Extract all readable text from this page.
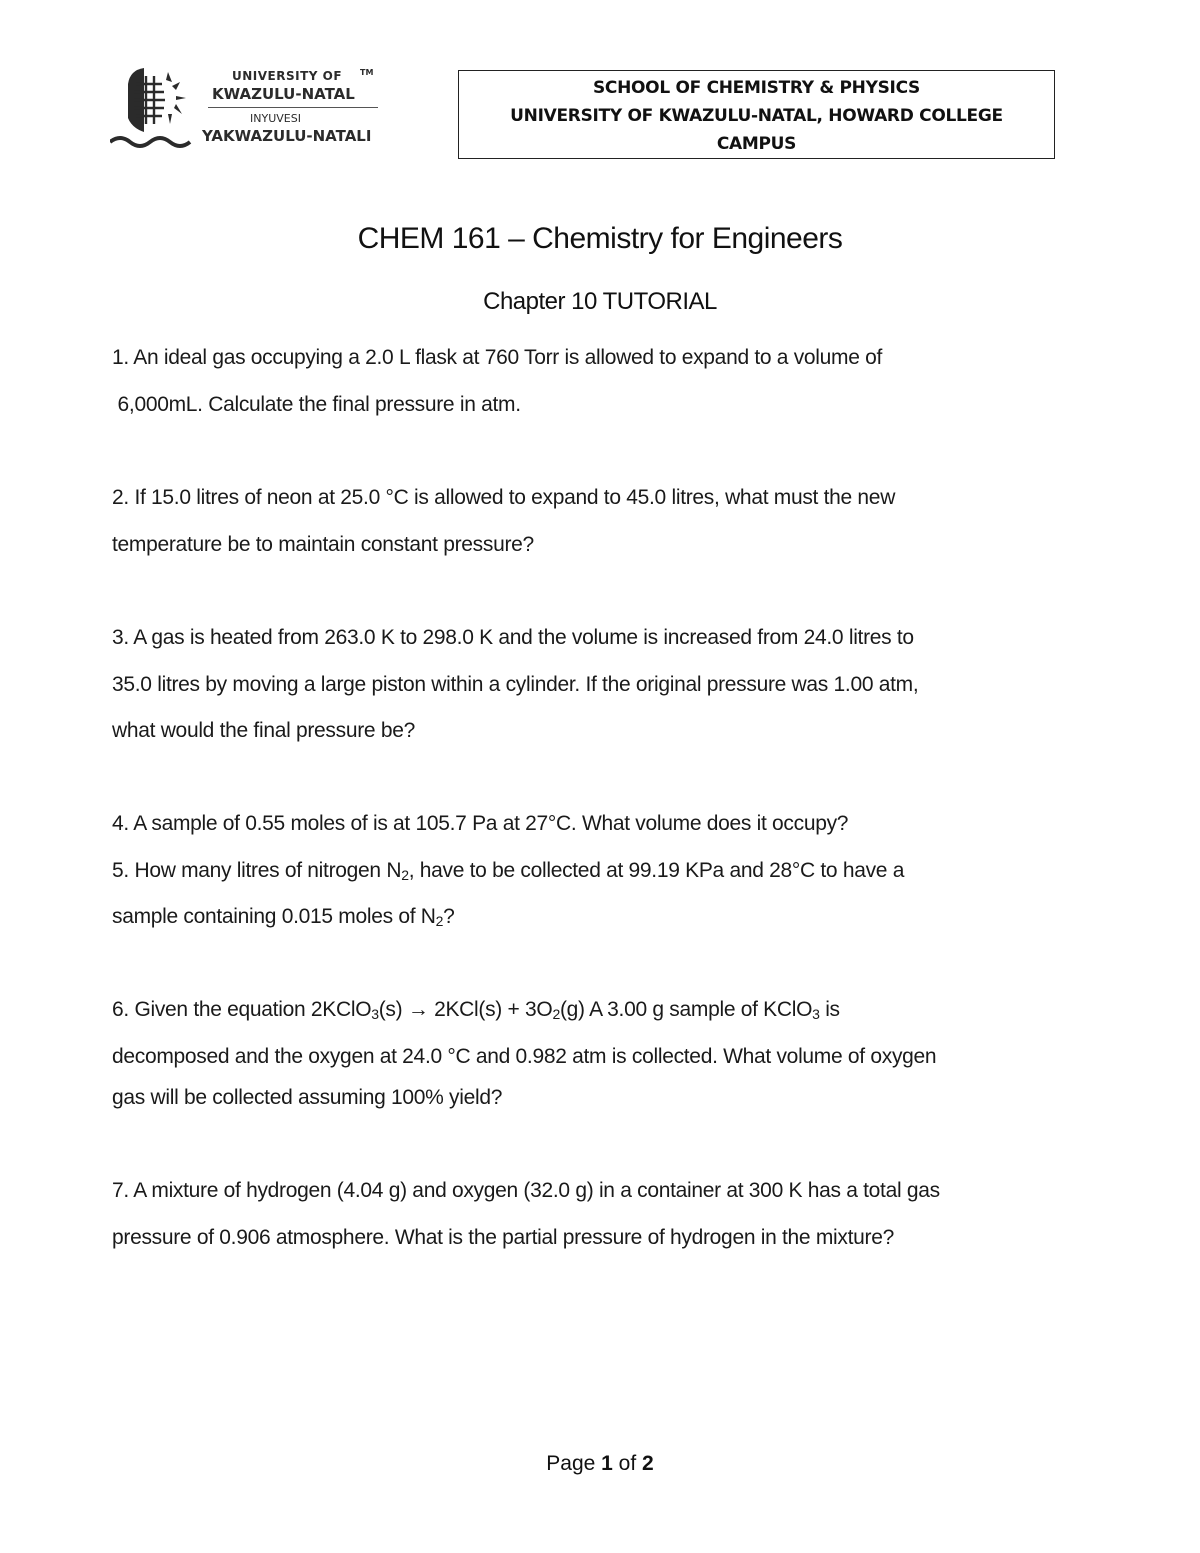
UNIVERSITY OF	TM
KWAZULU-NATAL
INYUVESI
YAKWAZULU-NATALI
SCHOOL OF CHEMISTRY & PHYSICS
UNIVERSITY OF KWAZULU-NATAL, HOWARD COLLEGE
CAMPUS
CHEM 161 – Chemistry for Engineers
Chapter 10 TUTORIAL
1. An ideal gas occupying a 2.0 L flask at 760 Torr is allowed to expand to a volume of
6,000mL. Calculate the final pressure in atm.
2. If 15.0 litres of neon at 25.0 °C is allowed to expand to 45.0 litres, what must the new
temperature be to maintain constant pressure?
3. A gas is heated from 263.0 K to 298.0 K and the volume is increased from 24.0 litres to
35.0 litres by moving a large piston within a cylinder. If the original pressure was 1.00 atm,
what would the final pressure be?
4. A sample of 0.55 moles of is at 105.7 Pa at 27°C. What volume does it occupy?
5. How many litres of nitrogen $N_2$, have to be collected at 99.19 KPa and 28°C to have a
sample containing 0.015 moles of $N_2$?
6. Given the equation 2KClO$_3$(s) → $2KCl(s) + 3O_2(g)$ A 3.00 g sample of KClO$_3$ is
decomposed and the oxygen at 24.0 °C and 0.982 atm is collected. What volume of oxygen
gas will be collected assuming 100% yield?
7. A mixture of hydrogen (4.04 g) and oxygen (32.0 g) in a container at 300 K has a total gas
pressure of 0.906 atmosphere. What is the partial pressure of hydrogen in the mixture?
Page 1 of 2
